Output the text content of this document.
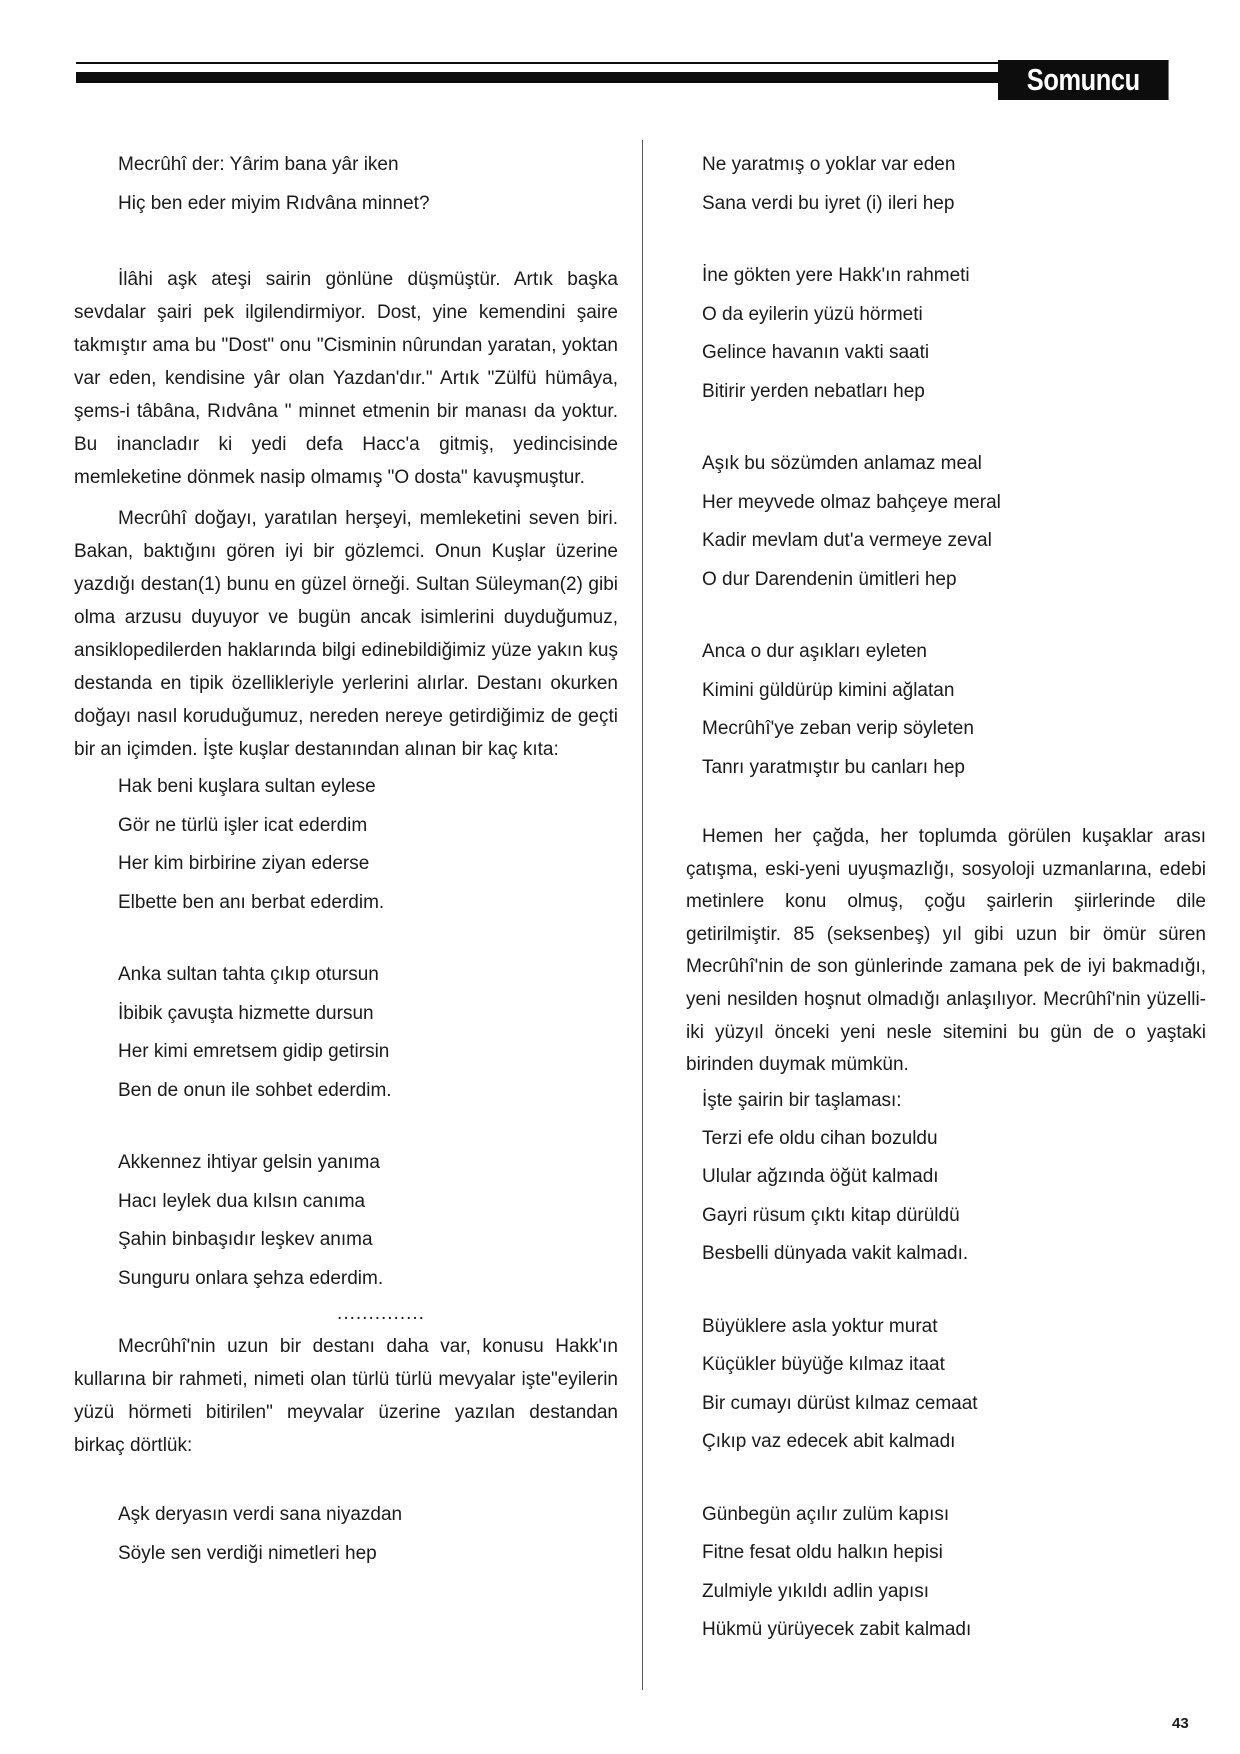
Somuncu Baba
Mecrûhî der: Yârim bana yâr iken
Hiç ben eder miyim Rıdvâna minnet?

İlâhi aşk ateşi sairin gönlüne düşmüştür. Artık başka sevdalar şairi pek ilgilendirmiyor. Dost, yine kemendini şaire takmıştır ama bu "Dost" onu "Cisminin nûrundan yaratan, yoktan var eden, kendisine yâr olan Yazdan'dır." Artık "Zülfü hümâya, şems-i tâbâna, Rıdvâna " minnet etmenin bir manası da yoktur. Bu inancladır ki yedi defa Hacc'a gitmiş, yedincisinde memleketine dönmek nasip olmamış "O dosta" kavuşmuştur.

Mecrûhî doğayı, yaratılan herşeyi, memleketini seven biri. Bakan, baktığını gören iyi bir gözlemci. Onun Kuşlar üzerine yazdığı destan(1) bunu en güzel örneği. Sultan Süleyman(2) gibi olma arzusu duyuyor ve bugün ancak isimlerini duyduğumuz, ansiklopedilerden haklarında bilgi edinebildiğimiz yüze yakın kuş destanda en tipik özellikleriyle yerlerini alırlar. Destanı okurken doğayı nasıl koruduğumuz, nereden nereye getirdiğimiz de geçti bir an içimden. İşte kuşlar destanından alınan bir kaç kıta:

Hak beni kuşlara sultan eylese
Gör ne türlü işler icat ederdim
Her kim birbirine ziyan ederse
Elbette ben anı berbat ederdim.
Anka sultan tahta çıkıp otursun
İbibik çavuşta hizmette dursun
Her kimi emretsem gidip getirsin
Ben de onun ile sohbet ederdim.
Akkennez ihtiyar gelsin yanıma
Hacı leylek dua kılsın canıma
Şahin binbaşıdır leşkev anıma
Sunguru onlara şehza ederdim.
..............

Mecrûhî'nin uzun bir destanı daha var, konusu Hakk'ın kullarına bir rahmeti, nimeti olan türlü türlü mevyalar işte"eyilerin yüzü hörmeti bitirilen" meyvalar üzerine yazılan destandan birkaç dörtlük:

Aşk deryasın verdi sana niyazdan
Söyle sen verdiği nimetleri hep
Ne yaratmış o yoklar var eden
Sana verdi bu iyret (i) ileri hep
İne gökten yere Hakk'ın rahmeti
O da eyilerin yüzü hörmeti
Gelince havanın vakti saati
Bitirir yerden nebatları hep
Aşık bu sözümden anlamaz meal
Her meyvede olmaz bahçeye meral
Kadir mevlam dut'a vermeye zeval
O dur Darendenin ümitleri hep
Anca o dur aşıkları eyleten
Kimini güldürüp kimini ağlatan
Mecrûhî'ye zeban verip söyleten
Tanrı yaratmıştır bu canları hep

Hemen her çağda, her toplumda görülen kuşaklar arası çatışma, eski-yeni uyuşmazlığı, sosyoloji uzmanlarına, edebi metinlere konu olmuş, çoğu şairlerin şiirlerinde dile getirilmiştir. 85 (seksenbeş) yıl gibi uzun bir ömür süren Mecrûhî'nin de son günlerinde zamana pek de iyi bakmadığı, yeni nesilden hoşnut olmadığı anlaşılıyor. Mecrûhî'nin yüzelli-iki yüzyıl önceki yeni nesle sitemini bu gün de o yaştaki birinden duymak mümkün.

İşte şairin bir taşlaması:

Terzi efe oldu cihan bozuldu
Ulular ağzında öğüt kalmadı
Gayri rüsum çıktı kitap dürüldü
Besbelli dünyada vakit kalmadı.
Büyüklere asla yoktur murat
Küçükler büyüğe kılmaz itaat
Bir cumayı dürüst kılmaz cemaat
Çıkıp vaz edecek abit kalmadı
Günbegün açılır zulüm kapısı
Fitne fesat oldu halkın hepisi
Zulmiyle yıkıldı adlin yapısı
Hükmü yürüyecek zabit kalmadı
43
